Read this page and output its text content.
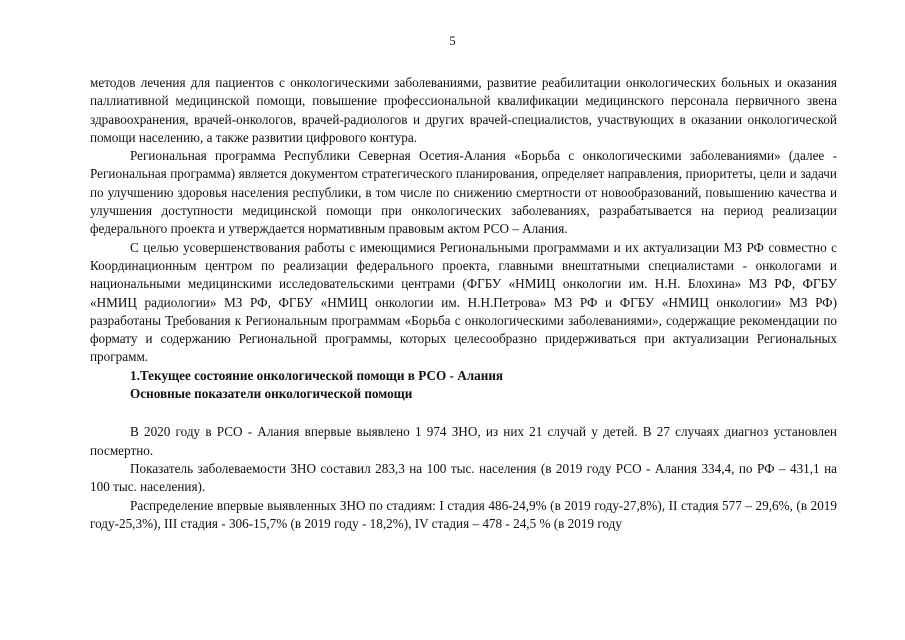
5

методов лечения для пациентов с онкологическими заболеваниями, развитие реабилитации онкологических больных и оказания паллиативной медицинской помощи, повышение профессиональной квалификации медицинского персонала первичного звена здравоохранения, врачей-онкологов, врачей-радиологов и других врачей-специалистов, участвующих в оказании онкологической помощи населению, а также развитии цифрового контура.

Региональная программа Республики Северная Осетия-Алания «Борьба с онкологическими заболеваниями» (далее - Региональная программа) является документом стратегического планирования, определяет направления, приоритеты, цели и задачи по улучшению здоровья населения республики, в том числе по снижению смертности от новообразований, повышению качества и улучшения доступности медицинской помощи при онкологических заболеваниях, разрабатывается на период реализации федерального проекта и утверждается нормативным правовым актом РСО – Алания.

С целью усовершенствования работы с имеющимися Региональными программами и их актуализации МЗ РФ совместно с Координационным центром по реализации федерального проекта, главными внештатными специалистами - онкологами и национальными медицинскими исследовательскими центрами (ФГБУ «НМИЦ онкологии им. Н.Н. Блохина» МЗ РФ, ФГБУ «НМИЦ радиологии» МЗ РФ, ФГБУ «НМИЦ онкологии им. Н.Н.Петрова» МЗ РФ и ФГБУ «НМИЦ онкологии» МЗ РФ) разработаны Требования к Региональным программам «Борьба с онкологическими заболеваниями», содержащие рекомендации по формату и содержанию Региональной программы, которых целесообразно придерживаться при актуализации Региональных программ.

1.Текущее состояние онкологической помощи в РСО - Алания

Основные показатели онкологической помощи

В 2020 году в РСО - Алания впервые выявлено 1 974 ЗНО, из них 21 случай у детей. В 27 случаях диагноз установлен посмертно.

Показатель заболеваемости ЗНО составил 283,3 на 100 тыс. населения (в 2019 году РСО - Алания 334,4, по РФ – 431,1 на 100 тыс. населения).

Распределение впервые выявленных ЗНО по стадиям: I стадия 486-24,9% (в 2019 году-27,8%), II стадия 577 – 29,6%, (в 2019 году-25,3%), III стадия - 306-15,7% (в 2019 году - 18,2%), IV стадия – 478 - 24,5 % (в 2019 году
